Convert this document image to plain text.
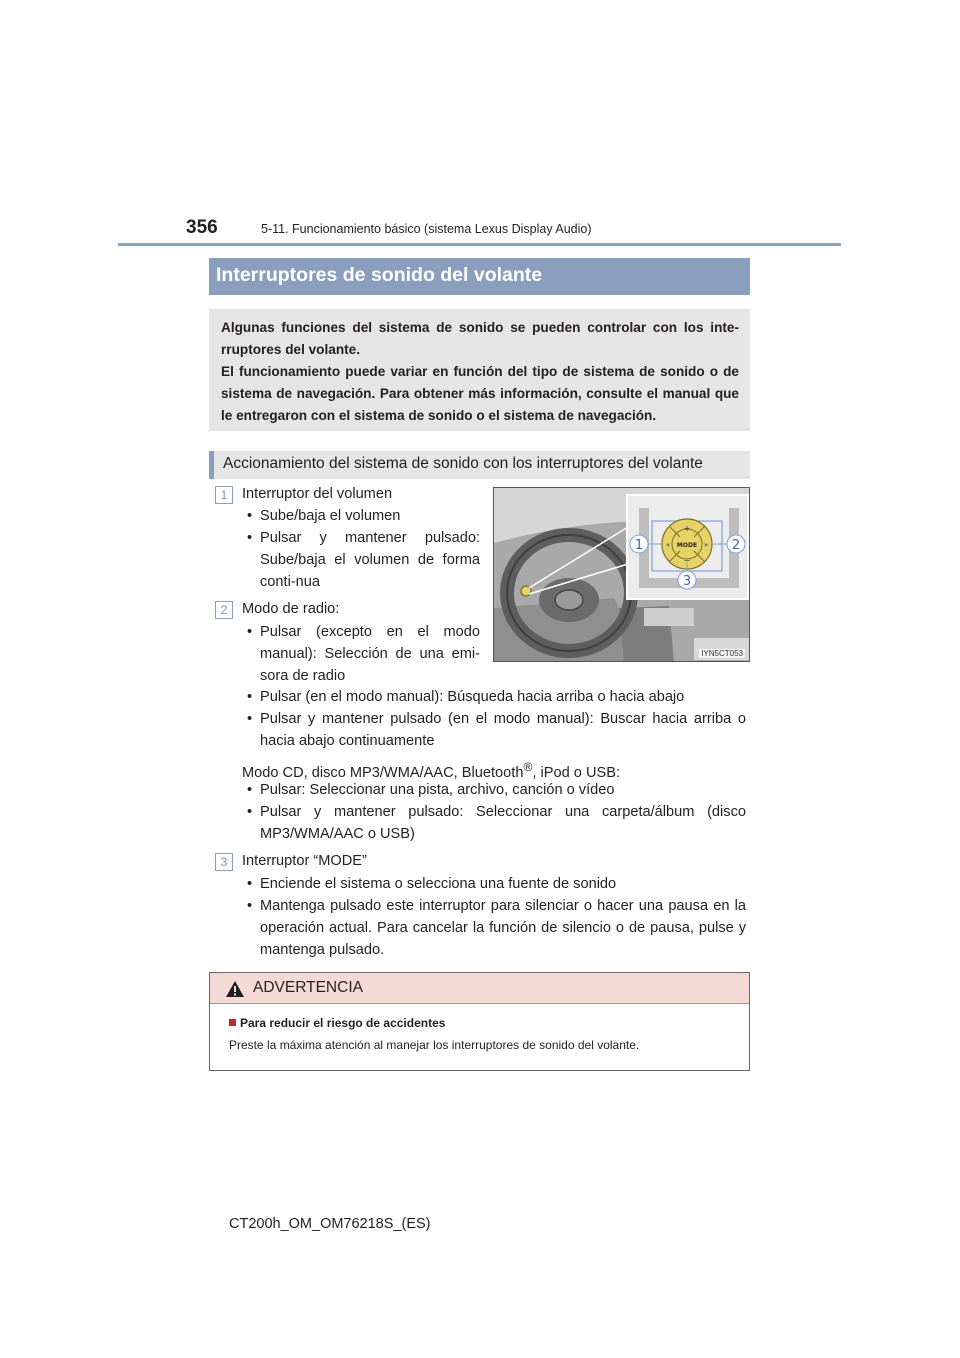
356	5-11. Funcionamiento básico (sistema Lexus Display Audio)
Interruptores de sonido del volante

Algunas funciones del sistema de sonido se pueden controlar con los inte-rruptores del volante.

El funcionamiento puede variar en función del tipo de sistema de sonido o de sistema de navegación. Para obtener más información, consulte el manual que le entregaron con el sistema de sonido o el sistema de navegación.

Accionamiento del sistema de sonido con los interruptores del volante
1	Interruptor del volumen
• Sube/baja el volumen
• Pulsar y mantener pulsado: Sube/baja el volumen de forma conti-nua
2	Modo de radio:
• Pulsar (excepto en el modo manual): Selección de una emi-sora de radio
• Pulsar (en el modo manual): Búsqueda hacia arriba o hacia abajo
• Pulsar y mantener pulsado (en el modo manual): Buscar hacia arriba o hacia abajo continuamente
Modo CD, disco MP3/WMA/AAC, Bluetooth®, iPod o USB:
• Pulsar: Seleccionar una pista, archivo, canción o vídeo
• Pulsar y mantener pulsado: Seleccionar una carpeta/álbum (disco MP3/WMA/AAC o USB)
3	Interruptor “MODE”
• Enciende el sistema o selecciona una fuente de sonido
• Mantenga pulsado este interruptor para silenciar o hacer una pausa en la operación actual. Para cancelar la función de silencio o de pausa, pulse y mantenga pulsado.
+
−
«	»
MODE
1	2
3
IYN5CT053
ADVERTENCIA
Para reducir el riesgo de accidentes
Preste la máxima atención al manejar los interruptores de sonido del volante.
CT200h_OM_OM76218S_(ES)
